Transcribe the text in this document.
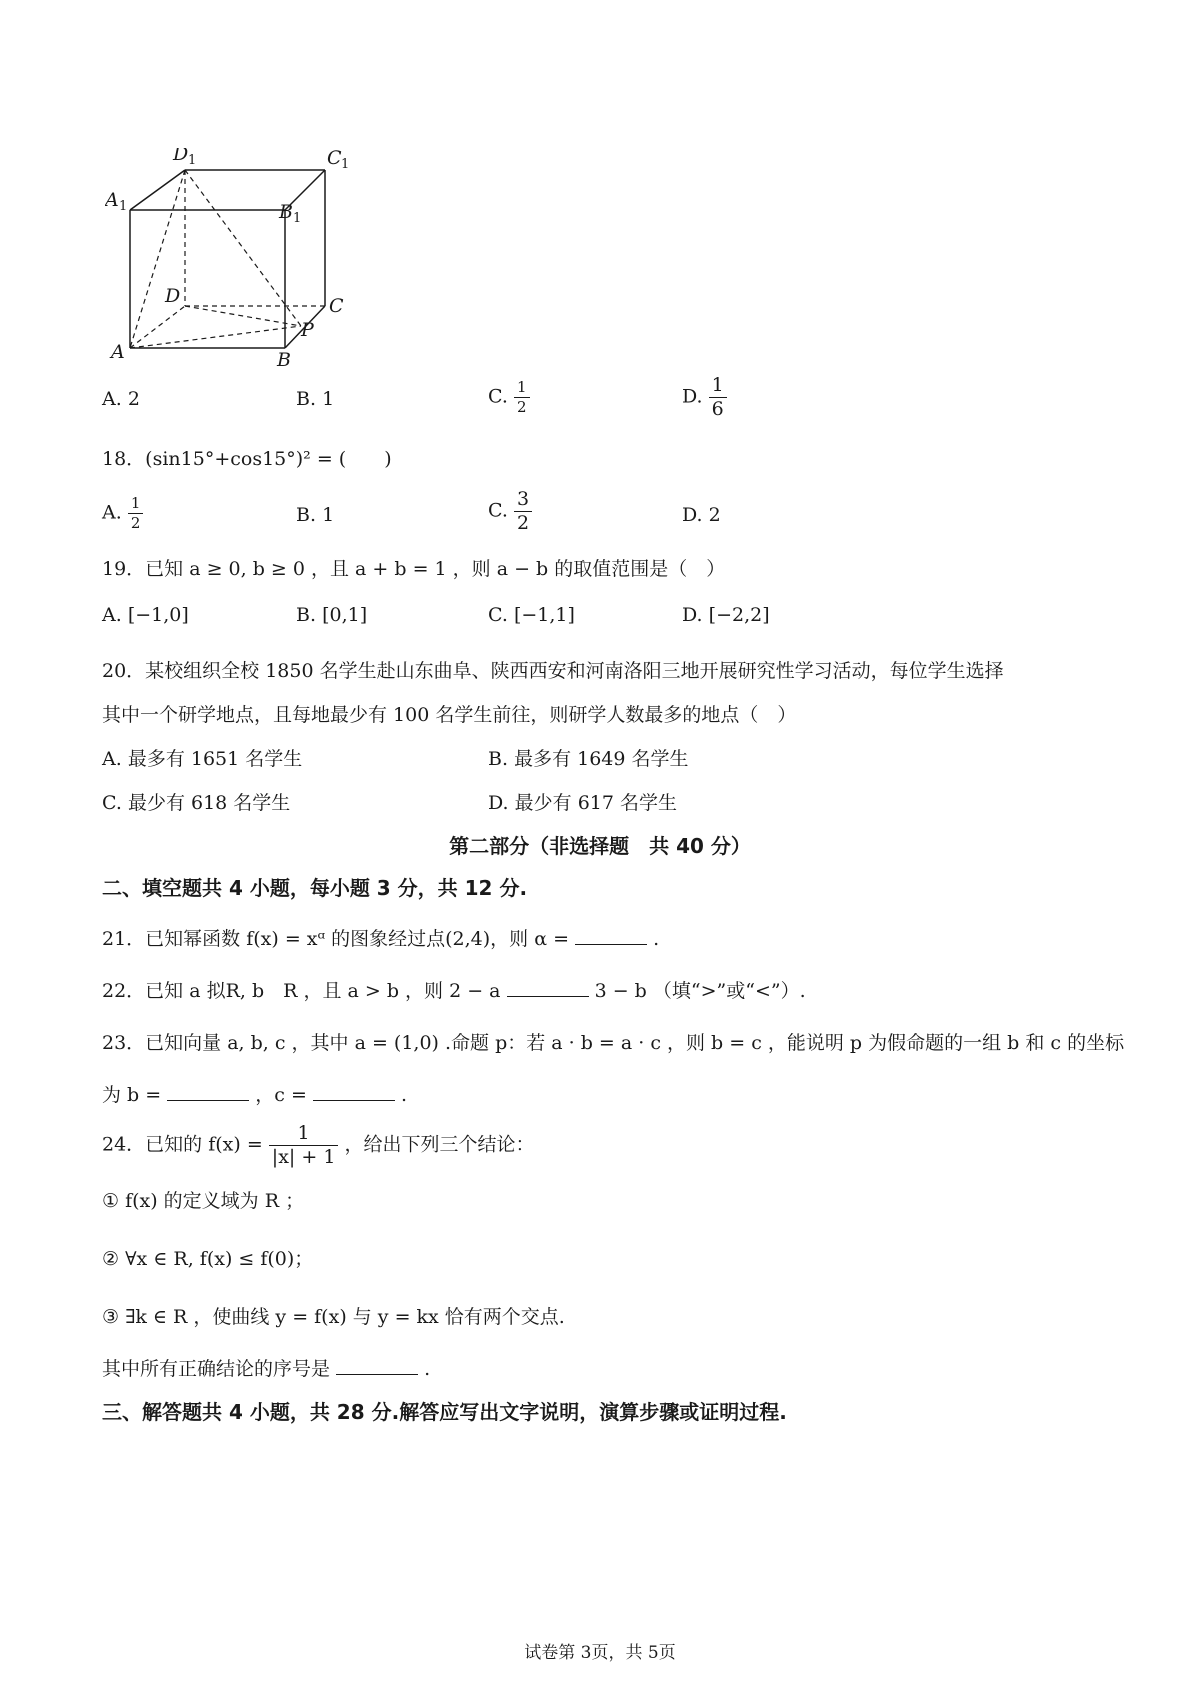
D 1	C 1
A 1	B 1
D	C
P
A	B
A. 2	B. 1	C. $\frac{1}{2}$	D. $\frac{1}{6}$
18．(sin15°+cos15°)² = (　　)
A. $\frac{1}{2}$	B. 1	C. $\frac{3}{2}$	D. 2
19．已知 a ≥ 0, b ≥ 0 ，且 a + b = 1 ，则 a − b 的取值范围是（　）
A. [−1,0]	B. [0,1]	C. [−1,1]	D. [−2,2]
20．某校组织全校 1850 名学生赴山东曲阜、陕西西安和河南洛阳三地开展研究性学习活动，每位学生选择
其中一个研学地点，且每地最少有 100 名学生前往，则研学人数最多的地点（　）
A. 最多有 1651 名学生	B. 最多有 1649 名学生
C. 最少有 618 名学生	D. 最少有 617 名学生
第二部分（非选择题　共 40 分）
二、填空题共 4 小题，每小题 3 分，共 12 分.
21．已知幂函数 f(x) = xᵅ 的图象经过点(2,4)，则 α =	.
22．已知 a 拟R, b　R ，且 a > b ，则 2 − a	3 − b （填“>”或“<”）.
23．已知向量 a, b, c ，其中 a = (1,0) .命题 p：若 a · b = a · c ，则 b = c ，能说明 p 为假命题的一组 b 和 c 的坐标
为 b =	，c =	.
24．已知的 $f(x) = \frac{1}{|x| + 1}$ ，给出下列三个结论：
① f(x) 的定义域为 R ；
② ∀x ∈ R, f(x) ≤ f(0)；
③ ∃k ∈ R ，使曲线 y = f(x) 与 y = kx 恰有两个交点.
其中所有正确结论的序号是	.
三、解答题共 4 小题，共 28 分.解答应写出文字说明，演算步骤或证明过程.
试卷第 3页，共 5页
